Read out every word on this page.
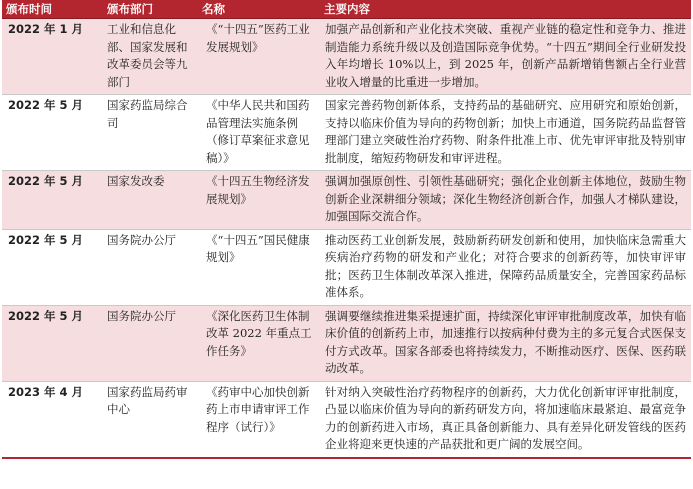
颁布时间	颁布部门	名称	主要内容
2022 年 1 月	工业和信息化部、国家发展和改革委员会等九部门	《“十四五”医药工业发展规划》	加强产品创新和产业化技术突破、重视产业链的稳定性和竞争力、推进制造能力系统升级以及创造国际竞争优势。“十四五”期间全行业研发投入年均增长 10%以上，到 2025 年，创新产品新增销售额占全行业营业收入增量的比重进一步增加。
2022 年 5 月	国家药监局综合司	《中华人民共和国药品管理法实施条例（修订草案征求意见稿）》	国家完善药物创新体系，支持药品的基础研究、应用研究和原始创新，支持以临床价值为导向的药物创新；加快上市通道，国务院药品监督管理部门建立突破性治疗药物、附条件批准上市、优先审评审批及特别审批制度，缩短药物研发和审评进程。
2022 年 5 月	国家发改委	《十四五生物经济发展规划》	强调加强原创性、引领性基础研究；强化企业创新主体地位，鼓励生物创新企业深耕细分领域；深化生物经济创新合作，加强人才梯队建设，加强国际交流合作。
2022 年 5 月	国务院办公厅	《“十四五”国民健康规划》	推动医药工业创新发展，鼓励新药研发创新和使用，加快临床急需重大疾病治疗药物的研发和产业化；对符合要求的创新药等，加快审评审批；医药卫生体制改革深入推进，保障药品质量安全，完善国家药品标准体系。
2022 年 5 月	国务院办公厅	《深化医药卫生体制改革 2022 年重点工作任务》	强调要继续推进集采提速扩面，持续深化审评审批制度改革，加快有临床价值的创新药上市，加速推行以按病种付费为主的多元复合式医保支付方式改革。国家各部委也将持续发力，不断推动医疗、医保、医药联动改革。
2023 年 4 月	国家药监局药审中心	《药审中心加快创新药上市申请审评工作程序（试行）》	针对纳入突破性治疗药物程序的创新药，大力优化创新审评审批制度，凸显以临床价值为导向的新药研发方向，将加速临床最紧迫、最富竞争力的创新药进入市场，真正具备创新能力、具有差异化研发管线的医药企业将迎来更快速的产品获批和更广阔的发展空间。
